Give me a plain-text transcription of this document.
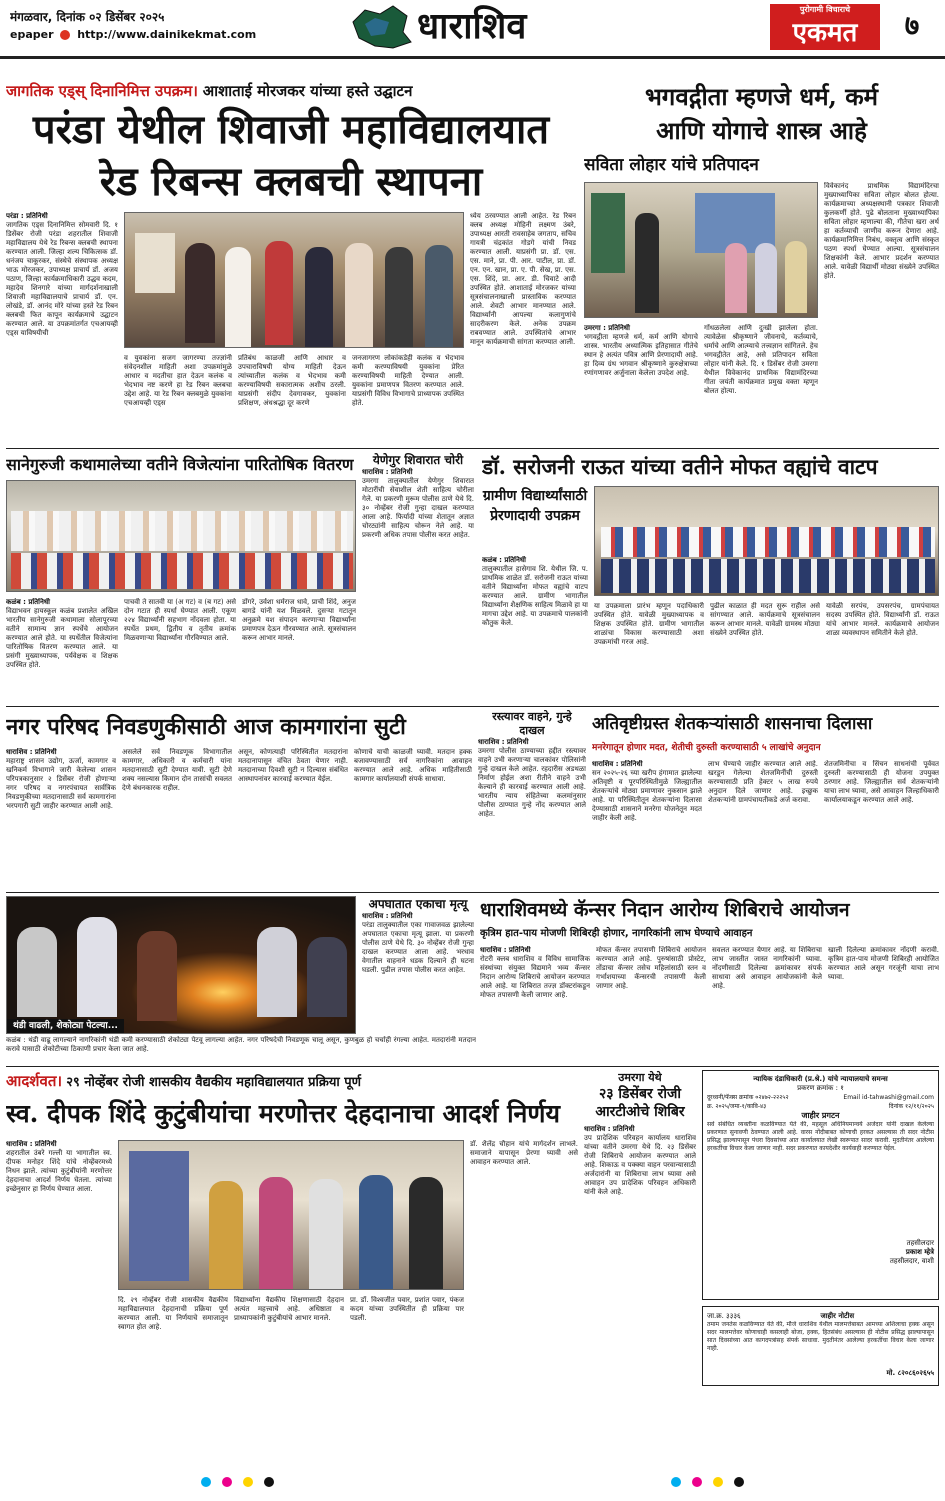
मंगळवार, दिनांक ०२ डिसेंबर २०२५
epaper http://www.dainikekmat.com	धाराशिव	पुरोगामी विचाराचे
एकमत	७
जागतिक एड्स् दिनानिमित्त उपक्रम। आशाताई मोरजकर यांच्या हस्ते उद्घाटन
परंडा येथील शिवाजी महाविद्यालयात
रेड रिबन्स क्लबची स्थापना
परंडा : प्रतिनिधी
जागतिक एड्स दिनानिमित्त सोमवारी दि. १ डिसेंबर रोजी परंडा शहरातील शिवाजी महाविद्यालय येथे रेड रिबन्स क्लबची स्थापना करण्यात आली. जिल्हा शल्य चिकित्सक डॉ. धनंजय चाकूरकर, संस्थेचे संस्थापक अध्यक्ष भाऊ मोरजकर, उपाध्यक्ष प्राचार्य डॉ. अजय पठाण, जिल्हा कार्यक्रमाधिकारी उद्धव कदम, महादेव शिनगारे यांच्या मार्गदर्शनाखाली शिवाजी महाविद्यालयाचे प्राचार्य डॉ. एन. लोखंडे, डॉ. आनंद मोरे यांच्या हस्ते रेड रिबन क्लबची फित कापून कार्यक्रमाचे उद्घाटन करण्यात आले. या उपक्रमांतर्गत एचआयव्ही एड्स याविषयीची
व युवकांना सजग जागरण्या तज्ज्ञांनी संवेदनशील माहिती अशा उपक्रमांमुळे आधार व मदतीचा हात देऊन कलंक व भेदभाव नष्ट करणे हा रेड रिबन क्लबचा उद्देश आहे. या रेड रिबन क्लबमुळे युवकांना एचआयव्ही एड्स
प्रतिबंध काळजी आणि आधार व उपचाराविषयी योग्य माहिती देऊन त्यांच्यातील कलंक व भेदभाव कमी करण्याविषयी सकारात्मक अशीच ठरली. याप्रसंगी संदीप देवगावकर, युवकांना प्रशिक्षण, अंधश्रद्धा दूर करणे
जनजागरण लोकांकडेही कलंक व भेदभाव कमी करण्याविषयी युवकांना प्रेरित करण्याविषयी माहिती देण्यात आली. युवकांना प्रमाणपत्र वितरण करण्यात आले. याप्रसंगी विविध विभागाचे प्राध्यापक उपस्थित होते.
ध्येय ठरवण्यात आली आहेत. रेड रिबन क्लब अध्यक्ष मोहिनी लक्ष्मण उंबरे, उपाध्यक्ष आरती रावसाहेब जगताप, सचिव गायत्री चंद्रकांत गोडगे यांची निवड करण्यात आली. याप्रसंगी प्रा. डॉ. एस. एस. माने, प्रा. पी. आर. पाटील, प्रा. डॉ. एन. एन. खान, प्रा. ए. पी. सेख, प्रा. एस. एस. शिंदे, प्रा. आर. डी. चिवाटे आदी उपस्थित होते. आशाताई मोरजकर यांच्या सूत्रसंचालनाखाली प्रास्ताविक करण्यात आले. शेवटी आभार मानण्यात आले. विद्यार्थ्यांनी आपल्या कलागुणांचे सादरीकरण केले. अनेक उपक्रम राबवण्यात आले. उपस्थितांचे आभार मानून कार्यक्रमाची सांगता करण्यात आली.
भगवद्गीता म्हणजे धर्म, कर्म
आणि योगाचे शास्त्र आहे
सविता लोहार यांचे प्रतिपादन
उमरगा : प्रतिनिधी
भगवद्गीता म्हणजे धर्म, कर्म आणि योगाचे शास्त्र. भारतीय अध्यात्मिक इतिहासात गीतेचे स्थान हे अत्यंत पवित्र आणि प्रेरणादायी आहे. हा दिव्य ग्रंथ भगवान श्रीकृष्णाने कुरुक्षेत्राच्या रणांगणावर अर्जुनाला केलेला उपदेश आहे.
गोंधळलेला आणि दुःखी झालेला होता. त्यावेळेस श्रीकृष्णाने जीवनाचे, कर्तव्याचे, धर्माचे आणि आत्म्याचे तत्त्वज्ञान सांगितले. हेच भगवद्गीतेत आहे, असे प्रतिपादन सविता लोहार यांनी केले. दि. १ डिसेंबर रोजी उमरगा येथील विवेकानंद प्राथमिक विद्यामंदिरच्या गीता जयंती कार्यक्रमात प्रमुख वक्ता म्हणून बोलत होत्या.
विवेकानंद प्राथमिक विद्यामंदिरचा मुख्याध्यापिका सविता लोहार बोलत होत्या. कार्यक्रमाच्या अध्यक्षस्थानी पत्रकार शिवाजी कुलकर्णी होते. पुढे बोलताना मुख्याध्यापिका सविता लोहार म्हणाल्या की, गीतेचा खरा अर्थ हा कर्तव्याची जाणीव करून देणारा आहे. कार्यक्रमानिमित्त निबंध, वक्तृत्व आणि संस्कृत पठण स्पर्धा घेण्यात आल्या. सूत्रसंचालन शिक्षकांनी केले. आभार प्रदर्शन करण्यात आले. यावेळी विद्यार्थी मोठ्या संख्येने उपस्थित होते.
सानेगुरुजी कथामालेच्या वतीने विजेत्यांना पारितोषिक वितरण
कळंब : प्रतिनिधी
विद्याभवन हायस्कूल कळंब प्रशालेत अखिल भारतीय सानेगुरुजी कथामाला सोलापूरच्या वतीने सामान्य ज्ञान स्पर्धेचे आयोजन करण्यात आले होते. या स्पर्धेतील विजेत्यांना पारितोषिक वितरण करण्यात आले. या प्रसंगी मुख्याध्यापक, पर्यवेक्षक व शिक्षक उपस्थित होते.
पाचवी ते सातवी या (अ गट) व (ब गट) असे दोन गटात ही स्पर्धा घेण्यात आली. एकूण २२४ विद्यार्थ्यांनी सहभाग नोंदवला होता. या स्पर्धेत प्रथम, द्वितीय व तृतीय क्रमांक मिळवणाऱ्या विद्यार्थ्यांना गौरविण्यात आले.
डोंगरे, उर्वशा धर्मराज धावे, प्राची शिंदे, अनुज बागडे यांनी यश मिळवले. दुसऱ्या गटातून अनुक्रमे यश संपादन करणाऱ्या विद्यार्थ्यांना प्रमाणपत्र देऊन गौरवण्यात आले. सूत्रसंचालन करून आभार मानले.
येणेगुर शिवारात चोरी
धाराशिव : प्रतिनिधी
उमरगा तालुक्यातील येणेगुर शिवारात मोटारींची सेवाशील शेती साहित्य चोरीला गेले. या प्रकरणी मुरूम पोलीस ठाणे येथे दि. ३० नोव्हेंबर रोजी गुन्हा दाखल करण्यात आला आहे. फिर्यादी यांच्या शेतातून अज्ञात चोरट्यांनी साहित्य चोरून नेले आहे. या प्रकरणी अधिक तपास पोलीस करत आहेत.
डॉ. सरोजनी राऊत यांच्या वतीने मोफत वह्यांचे वाटप
ग्रामीण विद्यार्थ्यांसाठी प्रेरणादायी उपक्रम
कळंब : प्रतिनिधी
तालुक्यातील हासेगाव शि. येथील जि. प. प्राथमिक शाळेत डॉ. सरोजनी राऊत यांच्या वतीने विद्यार्थ्यांना मोफत वह्यांचे वाटप करण्यात आले. ग्रामीण भागातील विद्यार्थ्यांना शैक्षणिक साहित्य मिळावे हा या मागचा उद्देश आहे. या उपक्रमाचे पालकांनी कौतुक केले.
या उपक्रमाला प्रारंभ म्हणून पदाधिकारी उपस्थित होते. यावेळी मुख्याध्यापक व शिक्षक उपस्थित होते. ग्रामीण भागातील शाळांचा विकास करण्यासाठी अशा उपक्रमांची गरज आहे.
पुढील काळात ही मदत सुरू राहील असे सांगण्यात आले. कार्यक्रमाचे सूत्रसंचालन करून आभार मानले. यावेळी ग्रामस्थ मोठ्या संख्येने उपस्थित होते.
यावेळी सरपंच, उपसरपंच, ग्रामपंचायत सदस्य उपस्थित होते. विद्यार्थ्यांनी डॉ. राऊत यांचे आभार मानले. कार्यक्रमाचे आयोजन शाळा व्यवस्थापन समितीने केले होते.
नगर परिषद निवडणुकीसाठी आज कामगारांना सुटी
धाराशिव : प्रतिनिधी
महाराष्ट्र शासन उद्योग, ऊर्जा, कामगार व खनिकर्म विभागाने जारी केलेल्या शासन परिपत्रकानुसार २ डिसेंबर रोजी होणाऱ्या नगर परिषद व नगरपंचायत सार्वत्रिक निवडणुकीच्या मतदानासाठी सर्व कामगारांना भरपगारी सुटी जाहीर करण्यात आली आहे.
असलेले सर्व निवडणूक विभागातील कामगार, अधिकारी व कर्मचारी यांना मतदानासाठी सुटी देण्यात यावी. सुटी देणे शक्य नसल्यास किमान दोन तासांची सवलत देणे बंधनकारक राहील.
असून, कोणत्याही परिस्थितीत मतदारांना मतदानापासून वंचित ठेवता येणार नाही. मतदानाच्या दिवशी सुटी न दिल्यास संबंधित आस्थापनांवर कारवाई करण्यात येईल.
कोणाचे याची काळजी घ्यावी. मतदान हक्क बजावण्यासाठी सर्व नागरिकांना आवाहन करण्यात आले आहे. अधिक माहितीसाठी कामगार कार्यालयाशी संपर्क साधावा.
रस्त्यावर वाहने, गुन्हे दाखल
धाराशिव : प्रतिनिधी
उमरगा पोलीस ठाण्याच्या हद्दीत रस्त्यावर वाहने उभी करणाऱ्या चालकांवर पोलिसांनी गुन्हे दाखल केले आहेत. रहदारीस अडथळा निर्माण होईल अशा रीतीने वाहने उभी केल्याने ही कारवाई करण्यात आली आहे. भारतीय न्याय संहितेच्या कलमांनुसार पोलीस ठाण्यात गुन्हे नोंद करण्यात आले आहेत.
अतिवृष्टीग्रस्त शेतकऱ्यांसाठी शासनाचा दिलासा
मनरेगातून होणार मदत, शेतीची दुरुस्ती करण्यासाठी ५ लाखांचे अनुदान
धाराशिव : प्रतिनिधी
सन २०२५-२६ च्या खरीप हंगामात झालेल्या अतिवृष्टी व पूरपरिस्थितीमुळे जिल्ह्यातील शेतकऱ्यांचे मोठ्या प्रमाणावर नुकसान झाले आहे. या परिस्थितीतून शेतकऱ्यांना दिलासा देण्यासाठी शासनाने मनरेगा योजनेतून मदत जाहीर केली आहे.
लाभ घेण्याचे जाहीर करण्यात आले आहे. खरडून गेलेल्या शेतजमिनींची दुरुस्ती करण्यासाठी प्रति हेक्टर ५ लाख रुपये अनुदान दिले जाणार आहे. इच्छुक शेतकऱ्यांनी ग्रामपंचायतीकडे अर्ज करावा.
शेतजमिनीचा व सिंचन साधनांची पूर्ववत दुरुस्ती करण्यासाठी ही योजना उपयुक्त ठरणार आहे. जिल्ह्यातील सर्व शेतकऱ्यांनी याचा लाभ घ्यावा, असे आवाहन जिल्हाधिकारी कार्यालयाकडून करण्यात आले आहे.
थंडी वाढली, शेकोट्या पेटल्या...
कळंब : थंडी वाढू लागल्याने नागरिकांनी थंडी कमी करण्यासाठी शेकोट्या पेटवू लागल्या आहेत. नगर परिषदेची निवडणूक चालू असून, कुणबुळ हो चर्चाही रंगल्या आहेत. मतदारांनी मतदान करावे यासाठी शेकोटीच्या ठिकाणी प्रचार केला जात आहे.
अपघातात एकाचा मृत्यू
धाराशिव : प्रतिनिधी
परंडा तालुक्यातील एका गावाजवळ झालेल्या अपघातात एकाचा मृत्यू झाला. या प्रकरणी पोलीस ठाणे येथे दि. ३० नोव्हेंबर रोजी गुन्हा दाखल करण्यात आला आहे. भरधाव वेगातील वाहनाने धडक दिल्याने ही घटना घडली. पुढील तपास पोलीस करत आहेत.
धाराशिवमध्ये कॅन्सर निदान आरोग्य शिबिराचे आयोजन
कृत्रिम हात-पाय मोजणी शिबिरही होणार, नागरिकांनी लाभ घेण्याचे आवाहन
धाराशिव : प्रतिनिधी
रोटरी क्लब धाराशिव व विविध सामाजिक संस्थांच्या संयुक्त विद्यमाने भव्य कॅन्सर निदान आरोग्य शिबिराचे आयोजन करण्यात आले आहे. या शिबिरात तज्ज्ञ डॉक्टरांकडून मोफत तपासणी केली जाणार आहे.
मोफत कॅन्सर तपासणी शिबिराचे आयोजन करण्यात आले आहे. पुरुषांसाठी प्रोस्टेट, तोंडाचा कॅन्सर तसेच महिलांसाठी स्तन व गर्भाशयाच्या कॅन्सरची तपासणी केली जाणार आहे.
सवलत करण्यात येणार आहे. या शिबिराचा लाभ जास्तीत जास्त नागरिकांनी घ्यावा. नोंदणीसाठी दिलेल्या क्रमांकावर संपर्क साधावा असे आवाहन आयोजकांनी केले आहे.
खाली दिलेल्या क्रमांकावर नोंदणी करावी. कृत्रिम हात-पाय मोजणी शिबिरही आयोजित करण्यात आले असून गरजूंनी याचा लाभ घ्यावा.
आदर्शवत। २९ नोव्हेंबर रोजी शासकीय वैद्यकीय महाविद्यालयात प्रक्रिया पूर्ण
स्व. दीपक शिंदे कुटुंबीयांचा मरणोत्तर देहदानाचा आदर्श निर्णय
धाराशिव : प्रतिनिधी
शहरातील उंबरे गल्ली या भागातील स्व. दीपक मनोहर शिंदे यांचे नोव्हेंबरमध्ये निधन झाले. त्यांच्या कुटुंबीयांनी मरणोत्तर देहदानाचा आदर्श निर्णय घेतला. त्यांच्या इच्छेनुसार हा निर्णय घेण्यात आला.
दि. २९ नोव्हेंबर रोजी शासकीय वैद्यकीय महाविद्यालयात देहदानाची प्रक्रिया पूर्ण करण्यात आली. या निर्णयाचे समाजातून स्वागत होत आहे.
विद्यार्थ्यांना वैद्यकीय शिक्षणासाठी देहदान अत्यंत महत्त्वाचे आहे. अधिष्ठाता व प्राध्यापकांनी कुटुंबीयांचे आभार मानले.
प्रा. डॉ. विश्वजीत पवार, प्रशांत पवार, पंकज कदम यांच्या उपस्थितीत ही प्रक्रिया पार पडली.
डॉ. शैलेंद्र चौहान यांचे मार्गदर्शन लाभले. समाजाने यापासून प्रेरणा घ्यावी असे आवाहन करण्यात आले.
उमरगा येथे
२३ डिसेंबर रोजी
आरटीओचे शिबिर
धाराशिव : प्रतिनिधी
उप प्रादेशिक परिवहन कार्यालय धाराशिव यांच्या वतीने उमरगा येथे दि. २३ डिसेंबर रोजी शिबिराचे आयोजन करण्यात आले आहे. शिकाऊ व पक्क्या वाहन परवान्यासाठी अर्जदारांनी या शिबिराचा लाभ घ्यावा असे आवाहन उप प्रादेशिक परिवहन अधिकारी यांनी केले आहे.
न्यायिक दंडाधिकारी (प्र.श्रे.) यांचे न्यायालयाचे समन्स
प्रकरण क्रमांक : १
दूरध्वनी/फॅक्स क्रमांक ०२४७२-२२२५२	Email id-tahwashi@gmail.com
क्र. २०२५/जमा-१/कावि-४३	दिनांक १२/११/२०२५
जाहीर प्रगटन
सर्व संबंधित व्यक्तींना कळविण्यात येते की, महसूल अधिनियमान्वये अर्जदार यांनी दाखल केलेल्या प्रकरणात सुनावणी ठेवण्यात आली आहे. वारस नोंदीबाबत कोणाची हरकत असल्यास ती सदर नोटीस प्रसिद्ध झाल्यापासून पंधरा दिवसांच्या आत कार्यालयात लेखी स्वरूपात सादर करावी. मुदतीनंतर आलेल्या हरकतींचा विचार केला जाणार नाही. सदर प्रकरणात कायदेशीर कार्यवाही करण्यात येईल.
तहसीलदार
प्रकाश म्हेत्रे
तहसीलदार, वाशी
जा.क्र. ३३३६	जाहीर नोटीस
तमाम जनतेस कळविण्यात येते की, मौजे धाराशिव येथील मालमत्तेबाबत आमच्या अशिलाचा हक्क असून सदर मालमत्तेवर कोणाचाही कसलाही बोजा, हक्क, हितसंबंध असल्यास ही नोटीस प्रसिद्ध झाल्यापासून सात दिवसांच्या आत कागदपत्रांसह संपर्क साधावा. मुदतीनंतर आलेल्या हरकतींचा विचार केला जाणार नाही.
मो. ८२०८६०२६५५
